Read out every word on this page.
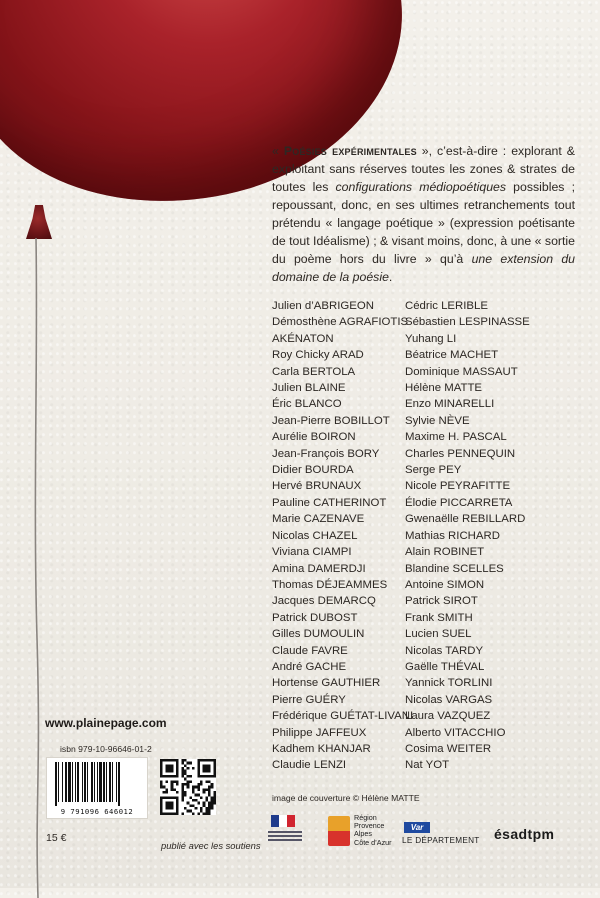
« Poésies expérimentales », c’est-à-dire : explorant & exploitant sans réserves toutes les zones & strates de toutes les configurations médiopoétiques possibles ; repoussant, donc, en ses ultimes retranchements tout prétendu « langage poétique » (expression poétisante de tout Idéalisme) ; & visant moins, donc, à une « sortie du poème hors du livre » qu’à une extension du domaine de la poésie.
Julien d’ABRIGEON
Démosthène AGRAFIOTIS
AKÉNATON
Roy Chicky ARAD
Carla BERTOLA
Julien BLAINE
Éric BLANCO
Jean-Pierre BOBILLOT
Aurélie BOIRON
Jean-François BORY
Didier BOURDA
Hervé BRUNAUX
Pauline CATHERINOT
Marie CAZENAVE
Nicolas CHAZEL
Viviana CIAMPI
Amina DAMERDJI
Thomas DÉJEAMMES
Jacques DEMARCQ
Patrick DUBOST
Gilles DUMOULIN
Claude FAVRE
André GACHE
Hortense GAUTHIER
Pierre GUÉRY
Frédérique GUÉTAT-LIVANI
Philippe JAFFEUX
Kadhem KHANJAR
Claudie LENZI
Cédric LERIBLE
Sébastien LESPINASSE
Yuhang LI
Béatrice MACHET
Dominique MASSAUT
Hélène MATTE
Enzo MINARELLI
Sylvie NÈVE
Maxime H. PASCAL
Charles PENNEQUIN
Serge PEY
Nicole PEYRAFITTE
Élodie PICCARRETA
Gwenaëlle REBILLARD
Mathias RICHARD
Alain ROBINET
Blandine SCELLES
Antoine SIMON
Patrick SIROT
Frank SMITH
Lucien SUEL
Nicolas TARDY
Gaëlle THÉVAL
Yannick TORLINI
Nicolas VARGAS
Laura VAZQUEZ
Alberto VITACCHIO
Cosima WEITER
Nat YOT
www.plainepage.com
isbn 979-10-96646-01-2
9 791096 646012
15 €
publié avec les soutiens
image de couverture © Hélène MATTE
Région
Provence
Alpes
Côte d’Azur
Var
LE DÉPARTEMENT ésadtpm
